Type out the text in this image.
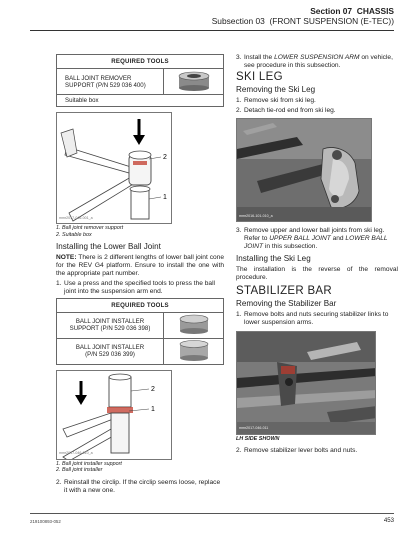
Section 07 CHASSIS
Subsection 03 (FRONT SUSPENSION (E-TEC))
REQUIRED TOOLS
BALL JOINT REMOVER
SUPPORT (P/N 529 036 400)	
Suitable box
2
1
mmr2017-046-001_a
1. Ball joint remover support
2. Suitable box
Installing the Lower Ball Joint

NOTE: There is 2 different lengths of lower ball joint cone for the REV G4 platform. Ensure to install the one with the appropriate part number.

1. Use a press and the specified tools to press the ball joint into the suspension arm end.
REQUIRED TOOLS	
BALL JOINT INSTALLER
SUPPORT (P/N 529 036 398)	
BALL JOINT INSTALLER
(P/N 529 036 399)	
2
1
mmr2017-046-010_a
1. Ball joint installer support
2. Ball joint installer
2. Reinstall the circlip. If the circlip seems loose, replace it with a new one.
3. Install the LOWER SUSPENSION ARM on vehicle, see procedure in this subsection.
SKI LEG
Removing the Ski Leg
1. Remove ski from ski leg.
2. Detach tie-rod end from ski leg.
mmr2016-101-010_a
3. Remove upper and lower ball joints from ski leg. Refer to UPPER BALL JOINT and LOWER BALL JOINT in this subsection.
Installing the Ski Leg

The installation is the reverse of the removal procedure.

STABILIZER BAR
Removing the Stabilizer Bar
1. Remove bolts and nuts securing stabilizer links to lower suspension arms.
mmr2017-046-011
LH SIDE SHOWN
2. Remove stabilizer lever bolts and nuts.
219100893-052	453
